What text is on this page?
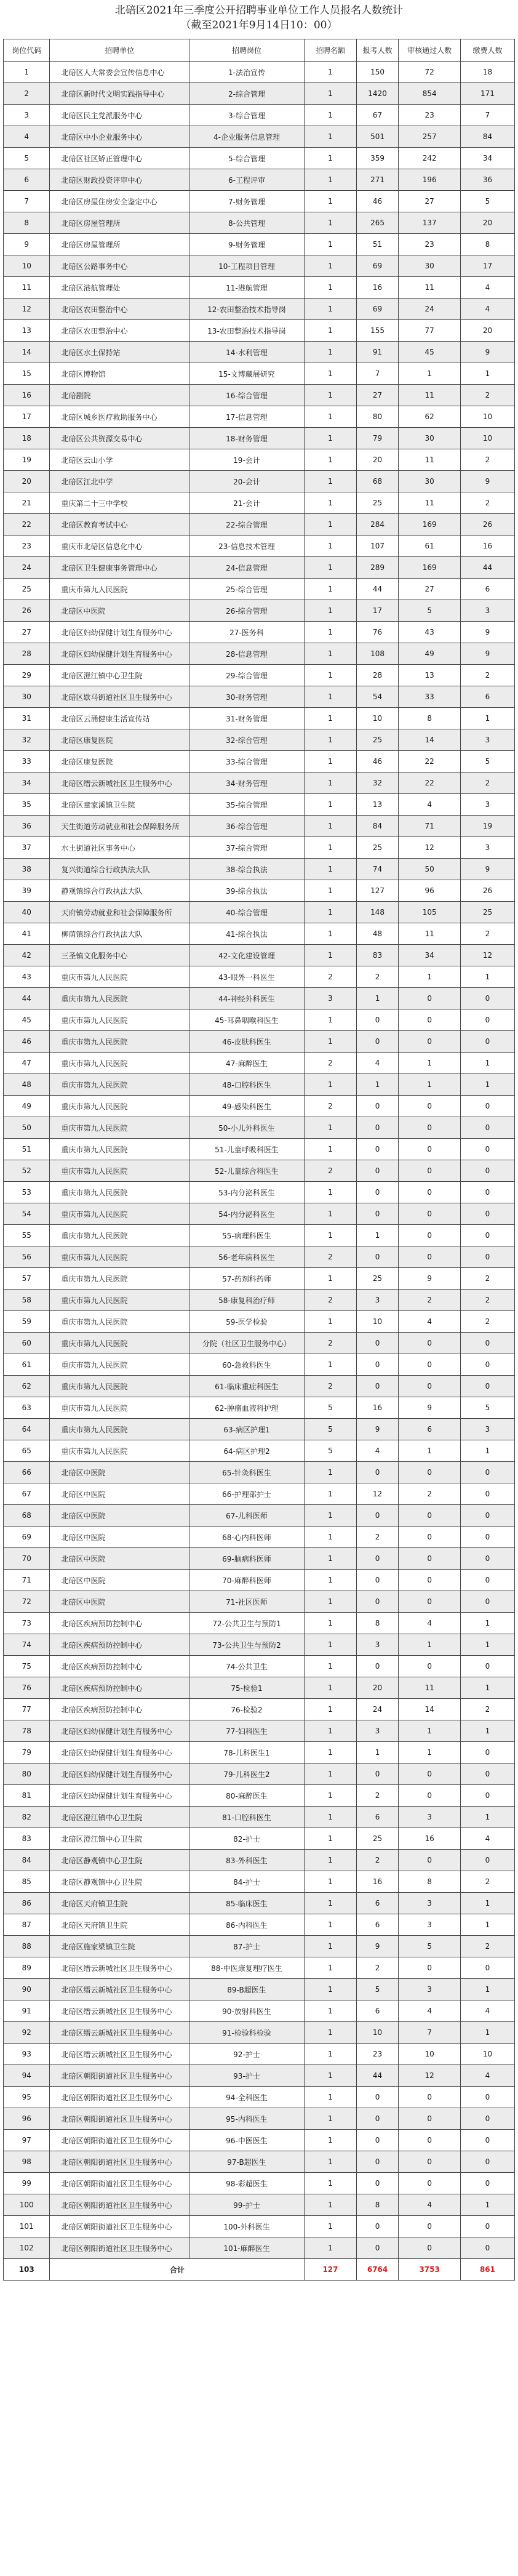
北碚区2021年三季度公开招聘事业单位工作人员报名人数统计
（截至2021年9月14日10：00）
岗位代码	招聘单位	招聘岗位	招聘名额	报考人数	审核通过人数	缴费人数
1	北碚区人大常委会宣传信息中心	1-法治宣传	1	150	72	18
2	北碚区新时代文明实践指导中心	2-综合管理	1	1420	854	171
3	北碚区民主党派服务中心	3-综合管理	1	67	23	7
4	北碚区中小企业服务中心	4-企业服务信息管理	1	501	257	84
5	北碚区社区矫正管理中心	5-综合管理	1	359	242	34
6	北碚区财政投资评审中心	6-工程评审	1	271	196	36
7	北碚区房屋住房安全鉴定中心	7-财务管理	1	46	27	5
8	北碚区房屋管理所	8-公共管理	1	265	137	20
9	北碚区房屋管理所	9-财务管理	1	51	23	8
10	北碚区公路事务中心	10-工程项目管理	1	69	30	17
11	北碚区港航管理处	11-港航管理	1	16	11	4
12	北碚区农田整治中心	12-农田整治技术指导岗	1	69	24	4
13	北碚区农田整治中心	13-农田整治技术指导岗	1	155	77	20
14	北碚区水土保持站	14-水利管理	1	91	45	9
15	北碚区博物馆	15-文博藏展研究	1	7	1	1
16	北碚剧院	16-综合管理	1	27	11	2
17	北碚区城乡医疗救助服务中心	17-信息管理	1	80	62	10
18	北碚区公共资源交易中心	18-财务管理	1	79	30	10
19	北碚区云山小学	19-会计	1	20	11	2
20	北碚区江北中学	20-会计	1	68	30	9
21	重庆第二十三中学校	21-会计	1	25	11	2
22	北碚区教育考试中心	22-综合管理	1	284	169	26
23	重庆市北碚区信息化中心	23-信息技术管理	1	107	61	16
24	北碚区卫生健康事务管理中心	24-信息管理	1	289	169	44
25	重庆市第九人民医院	25-综合管理	1	44	27	6
26	北碚区中医院	26-综合管理	1	17	5	3
27	北碚区妇幼保健计划生育服务中心	27-医务科	1	76	43	9
28	北碚区妇幼保健计划生育服务中心	28-信息管理	1	108	49	9
29	北碚区澄江镇中心卫生院	29-综合管理	1	28	13	2
30	北碚区歇马街道社区卫生服务中心	30-财务管理	1	54	33	6
31	北碚区云涌健康生活宣传站	31-财务管理	1	10	8	1
32	北碚区康复医院	32-综合管理	1	25	14	3
33	北碚区康复医院	33-综合管理	1	46	22	5
34	北碚区缙云新城社区卫生服务中心	34-财务管理	1	32	22	2
35	北碚区童家溪镇卫生院	35-综合管理	1	13	4	3
36	天生街道劳动就业和社会保障服务所	36-综合管理	1	84	71	19
37	水土街道社区事务中心	37-综合管理	1	25	12	3
38	复兴街道综合行政执法大队	38-综合执法	1	74	50	9
39	静观镇综合行政执法大队	39-综合执法	1	127	96	26
40	天府镇劳动就业和社会保障服务所	40-综合管理	1	148	105	25
41	柳荫镇综合行政执法大队	41-综合执法	1	48	11	2
42	三圣镇文化服务中心	42-文化建设管理	1	83	34	12
43	重庆市第九人民医院	43-眼外一科医生	2	2	1	1
44	重庆市第九人民医院	44-神经外科医生	3	1	0	0
45	重庆市第九人民医院	45-耳鼻咽喉科医生	1	0	0	0
46	重庆市第九人民医院	46-皮肤科医生	1	0	0	0
47	重庆市第九人民医院	47-麻醉医生	2	4	1	1
48	重庆市第九人民医院	48-口腔科医生	1	1	1	1
49	重庆市第九人民医院	49-感染科医生	2	0	0	0
50	重庆市第九人民医院	50-小儿外科医生	1	0	0	0
51	重庆市第九人民医院	51-儿童呼吸科医生	1	0	0	0
52	重庆市第九人民医院	52-儿童综合科医生	2	0	0	0
53	重庆市第九人民医院	53-内分泌科医生	1	0	0	0
54	重庆市第九人民医院	54-内分泌科医生	1	0	0	0
55	重庆市第九人民医院	55-病理科医生	1	1	0	0
56	重庆市第九人民医院	56-老年病科医生	2	0	0	0
57	重庆市第九人民医院	57-药剂科药师	1	25	9	2
58	重庆市第九人民医院	58-康复科治疗师	2	3	2	2
59	重庆市第九人民医院	59-医学检验	1	10	4	2
60	重庆市第九人民医院	分院（社区卫生服务中心）	2	0	0	0
61	重庆市第九人民医院	60-急救科医生	1	0	0	0
62	重庆市第九人民医院	61-临床重症科医生	2	0	0	0
63	重庆市第九人民医院	62-肿瘤血液科护理	5	16	9	5
64	重庆市第九人民医院	63-病区护理1	5	9	6	3
65	重庆市第九人民医院	64-病区护理2	5	4	1	1
66	北碚区中医院	65-针灸科医生	1	0	0	0
67	北碚区中医院	66-护理部护士	1	12	2	0
68	北碚区中医院	67-儿科医师	1	0	0	0
69	北碚区中医院	68-心内科医师	1	2	0	0
70	北碚区中医院	69-脑病科医师	1	0	0	0
71	北碚区中医院	70-麻醉科医师	1	0	0	0
72	北碚区中医院	71-社区医师	1	0	0	0
73	北碚区疾病预防控制中心	72-公共卫生与预防1	1	8	4	1
74	北碚区疾病预防控制中心	73-公共卫生与预防2	1	3	1	1
75	北碚区疾病预防控制中心	74-公共卫生	1	0	0	0
76	北碚区疾病预防控制中心	75-检验1	1	20	11	1
77	北碚区疾病预防控制中心	76-检验2	1	24	14	2
78	北碚区妇幼保健计划生育服务中心	77-妇科医生	1	3	1	1
79	北碚区妇幼保健计划生育服务中心	78-儿科医生1	1	1	1	0
80	北碚区妇幼保健计划生育服务中心	79-儿科医生2	1	0	0	0
81	北碚区妇幼保健计划生育服务中心	80-麻醉医生	1	2	0	0
82	北碚区澄江镇中心卫生院	81-口腔科医生	1	6	3	1
83	北碚区澄江镇中心卫生院	82-护士	1	25	16	4
84	北碚区静观镇中心卫生院	83-外科医生	1	2	0	0
85	北碚区静观镇中心卫生院	84-护士	1	16	8	2
86	北碚区天府镇卫生院	85-临床医生	1	6	3	1
87	北碚区天府镇卫生院	86-内科医生	1	6	3	1
88	北碚区施家梁镇卫生院	87-护士	1	9	5	2
89	北碚区缙云新城社区卫生服务中心	88-中医康复理疗医生	1	2	0	0
90	北碚区缙云新城社区卫生服务中心	89-B超医生	1	5	3	1
91	北碚区缙云新城社区卫生服务中心	90-放射科医生	1	6	4	4
92	北碚区缙云新城社区卫生服务中心	91-检验科检验	1	10	7	1
93	北碚区缙云新城社区卫生服务中心	92-护士	1	23	10	10
94	北碚区朝阳街道社区卫生服务中心	93-护士	1	44	12	4
95	北碚区朝阳街道社区卫生服务中心	94-全科医生	1	0	0	0
96	北碚区朝阳街道社区卫生服务中心	95-内科医生	1	0	0	0
97	北碚区朝阳街道社区卫生服务中心	96-中医医生	1	0	0	0
98	北碚区朝阳街道社区卫生服务中心	97-B超医生	1	0	0	0
99	北碚区朝阳街道社区卫生服务中心	98-彩超医生	1	0	0	0
100	北碚区朝阳街道社区卫生服务中心	99-护士	1	8	4	1
101	北碚区朝阳街道社区卫生服务中心	100-外科医生	1	0	0	0
102	北碚区朝阳街道社区卫生服务中心	101-麻醉医生	1	0	0	0
103	合计		127	6764	3753	861
